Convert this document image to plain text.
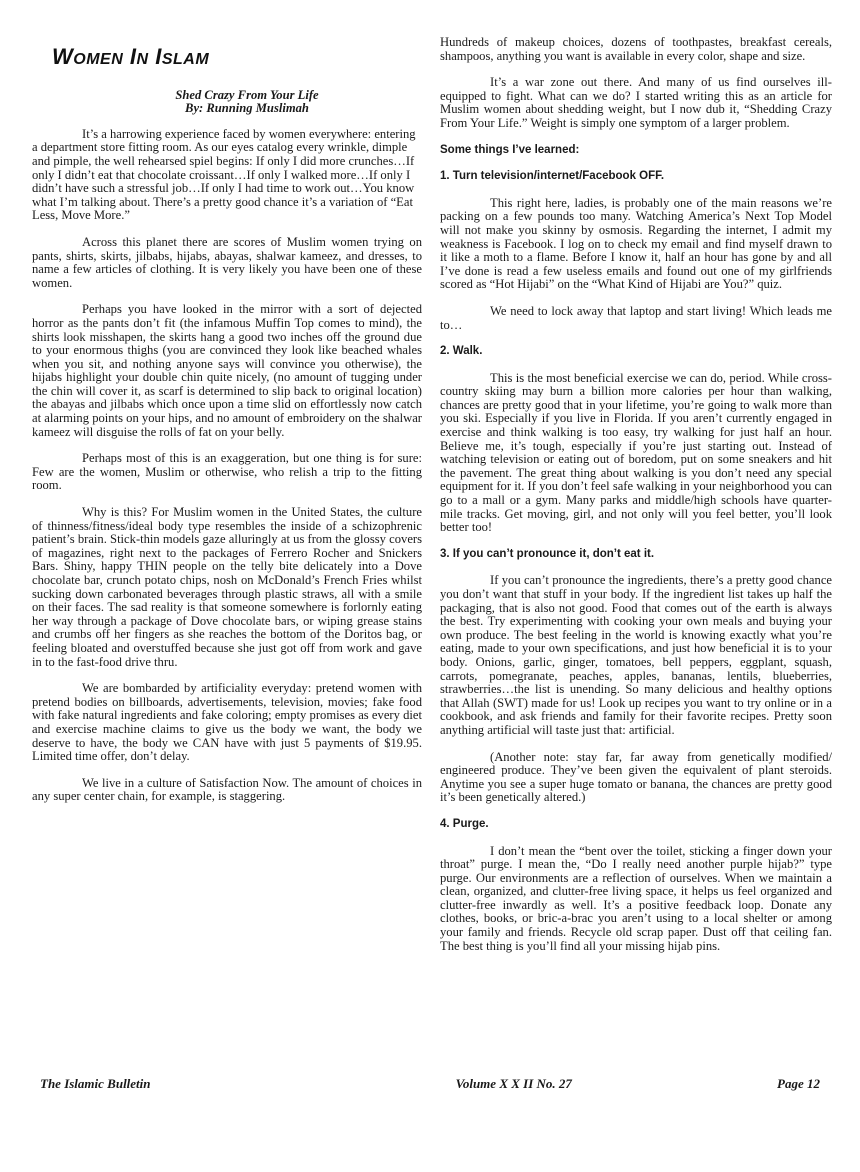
WOMEN IN ISLAM
Shed Crazy From Your Life
By: Running Muslimah

It’s a harrowing experience faced by women everywhere: entering a department store fitting room. As our eyes catalog every wrinkle, dimple and pimple, the well rehearsed spiel begins: If only I did more crunches…If only I didn’t eat that chocolate croissant…If only I walked more…If only I didn’t have such a stressful job…If only I had time to work out…You know what I’m talking about. There’s a pretty good chance it’s a variation of “Eat Less, Move More.”

Across this planet there are scores of Muslim women trying on pants, shirts, skirts, jilbabs, hijabs, abayas, shalwar kameez, and dresses, to name a few articles of clothing. It is very likely you have been one of these women.

Perhaps you have looked in the mirror with a sort of dejected horror as the pants don’t fit (the infamous Muffin Top comes to mind), the shirts look misshapen, the skirts hang a good two inches off the ground due to your enormous thighs (you are convinced they look like beached whales when you sit, and nothing anyone says will convince you otherwise), the hijabs highlight your double chin quite nicely, (no amount of tugging under the chin will cover it, as scarf is determined to slip back to original location) the abayas and jilbabs which once upon a time slid on effortlessly now catch at alarming points on your hips, and no amount of embroidery on the shalwar kameez will disguise the rolls of fat on your belly.

Perhaps most of this is an exaggeration, but one thing is for sure: Few are the women, Muslim or otherwise, who relish a trip to the fitting room.

Why is this? For Muslim women in the United States, the culture of thinness/fitness/ideal body type resembles the inside of a schizophrenic patient’s brain. Stick-thin models gaze alluringly at us from the glossy covers of magazines, right next to the packages of Ferrero Rocher and Snickers Bars. Shiny, happy THIN people on the telly bite delicately into a Dove chocolate bar, crunch potato chips, nosh on McDonald’s French Fries whilst sucking down carbonated beverages through plastic straws, all with a smile on their faces. The sad reality is that someone somewhere is forlornly eating her way through a package of Dove chocolate bars, or wiping grease stains and crumbs off her fingers as she reaches the bottom of the Doritos bag, or feeling bloated and overstuffed because she just got off from work and gave in to the fast-food drive thru.

We are bombarded by artificiality everyday: pretend women with pretend bodies on billboards, advertisements, television, movies; fake food with fake natural ingredients and fake coloring; empty promises as every diet and exercise machine claims to give us the body we want, the body we deserve to have, the body we CAN have with just 5 payments of $19.95. Limited time offer, don’t delay.

We live in a culture of Satisfaction Now. The amount of choices in any super center chain, for example, is staggering.

Hundreds of makeup choices, dozens of toothpastes, breakfast cereals, shampoos, anything you want is available in every color, shape and size.

It’s a war zone out there. And many of us find ourselves ill-equipped to fight. What can we do? I started writing this as an article for Muslim women about shedding weight, but I now dub it, “Shedding Crazy From Your Life.” Weight is simply one symptom of a larger problem.

Some things I’ve learned:
1. Turn television/internet/Facebook OFF.

This right here, ladies, is probably one of the main reasons we’re packing on a few pounds too many. Watching America’s Next Top Model will not make you skinny by osmosis. Regarding the internet, I admit my weakness is Facebook. I log on to check my email and find myself drawn to it like a moth to a flame. Before I know it, half an hour has gone by and all I’ve done is read a few useless emails and found out one of my girlfriends scored as “Hot Hijabi” on the “What Kind of Hijabi are You?” quiz.

We need to lock away that laptop and start living! Which leads me to…

2. Walk.

This is the most beneficial exercise we can do, period. While cross-country skiing may burn a billion more calories per hour than walking, chances are pretty good that in your lifetime, you’re going to walk more than you ski. Especially if you live in Florida. If you aren’t currently engaged in exercise and think walking is too easy, try walking for just half an hour. Believe me, it’s tough, especially if you’re just starting out. Instead of watching television or eating out of boredom, put on some sneakers and hit the pavement. The great thing about walking is you don’t need any special equipment for it. If you don’t feel safe walking in your neighborhood you can go to a mall or a gym. Many parks and middle/high schools have quarter-mile tracks. Get moving, girl, and not only will you feel better, you’ll look better too!

3. If you can’t pronounce it, don’t eat it.

If you can’t pronounce the ingredients, there’s a pretty good chance you don’t want that stuff in your body. If the ingredient list takes up half the packaging, that is also not good. Food that comes out of the earth is always the best. Try experimenting with cooking your own meals and buying your own produce. The best feeling in the world is knowing exactly what you’re eating, made to your own specifications, and just how beneficial it is to your body. Onions, garlic, ginger, tomatoes, bell peppers, eggplant, squash, carrots, pomegranate, peaches, apples, bananas, lentils, blueberries, strawberries…the list is unending. So many delicious and healthy options that Allah (SWT) made for us! Look up recipes you want to try online or in a cookbook, and ask friends and family for their favorite recipes. Pretty soon anything artificial will taste just that: artificial.

(Another note: stay far, far away from genetically modified/ engineered produce. They’ve been given the equivalent of plant steroids. Anytime you see a super huge tomato or banana, the chances are pretty good it’s been genetically altered.)

4. Purge.

I don’t mean the “bent over the toilet, sticking a finger down your throat” purge. I mean the, “Do I really need another purple hijab?” type purge. Our environments are a reflection of ourselves. When we maintain a clean, organized, and clutter-free living space, it helps us feel organized and clutter-free inwardly as well. It’s a positive feedback loop. Donate any clothes, books, or bric-a-brac you aren’t using to a local shelter or among your family and friends. Recycle old scrap paper. Dust off that ceiling fan. The best thing is you’ll find all your missing hijab pins.

The Islamic Bulletin	Volume X X II No. 27	Page 12
